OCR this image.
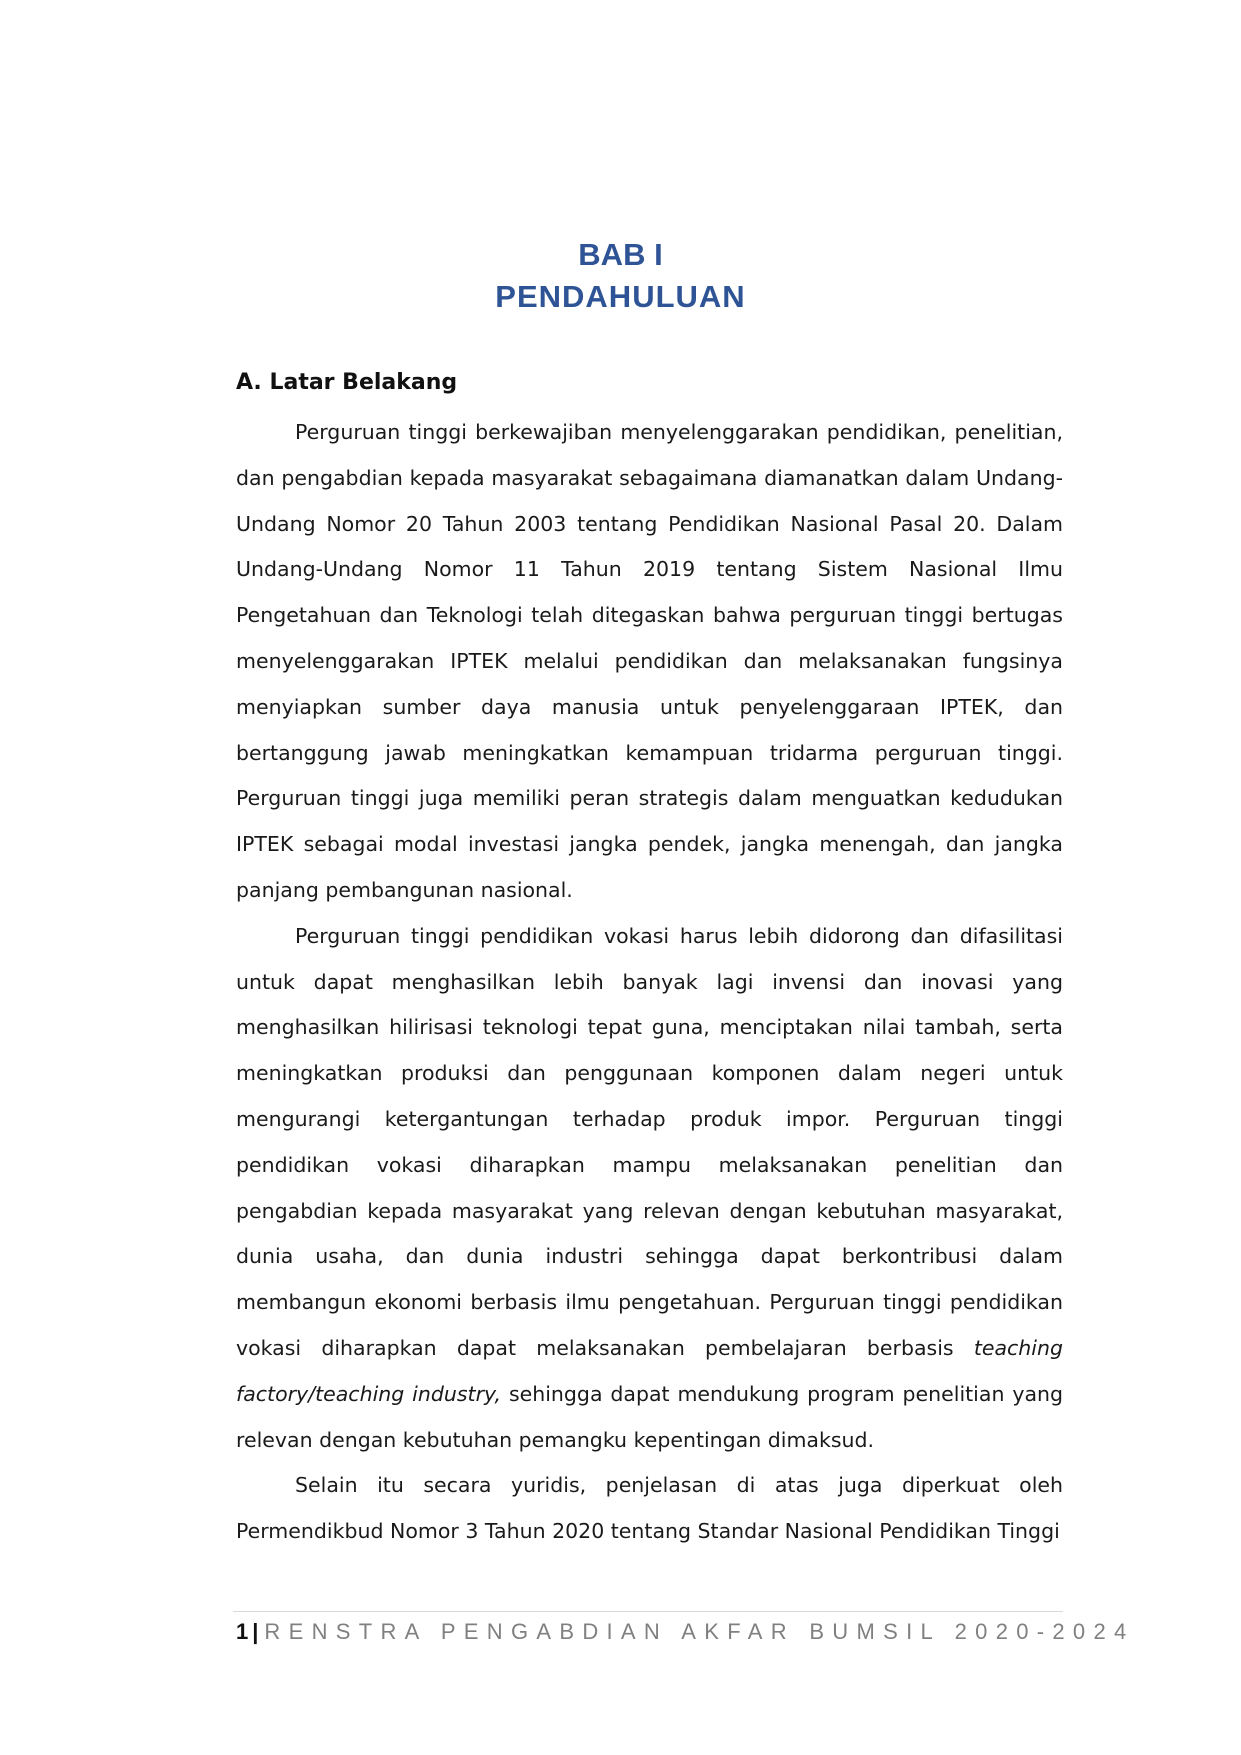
BAB I
PENDAHULUAN
A. Latar Belakang

Perguruan tinggi berkewajiban menyelenggarakan pendidikan, penelitian, dan pengabdian kepada masyarakat sebagaimana diamanatkan dalam Undang-Undang Nomor 20 Tahun 2003 tentang Pendidikan Nasional Pasal 20. Dalam Undang-Undang Nomor 11 Tahun 2019 tentang Sistem Nasional Ilmu Pengetahuan dan Teknologi telah ditegaskan bahwa perguruan tinggi bertugas menyelenggarakan IPTEK melalui pendidikan dan melaksanakan fungsinya menyiapkan sumber daya manusia untuk penyelenggaraan IPTEK, dan bertanggung jawab meningkatkan kemampuan tridarma perguruan tinggi. Perguruan tinggi juga memiliki peran strategis dalam menguatkan kedudukan IPTEK sebagai modal investasi jangka pendek, jangka menengah, dan jangka panjang pembangunan nasional.

Perguruan tinggi pendidikan vokasi harus lebih didorong dan difasilitasi untuk dapat menghasilkan lebih banyak lagi invensi dan inovasi yang menghasilkan hilirisasi teknologi tepat guna, menciptakan nilai tambah, serta meningkatkan produksi dan penggunaan komponen dalam negeri untuk mengurangi ketergantungan terhadap produk impor. Perguruan tinggi pendidikan vokasi diharapkan mampu melaksanakan penelitian dan pengabdian kepada masyarakat yang relevan dengan kebutuhan masyarakat, dunia usaha, dan dunia industri sehingga dapat berkontribusi dalam membangun ekonomi berbasis ilmu pengetahuan. Perguruan tinggi pendidikan vokasi diharapkan dapat melaksanakan pembelajaran berbasis teaching factory/teaching industry, sehingga dapat mendukung program penelitian yang relevan dengan kebutuhan pemangku kepentingan dimaksud.

Selain itu secara yuridis, penjelasan di atas juga diperkuat oleh Permendikbud Nomor 3 Tahun 2020 tentang Standar Nasional Pendidikan Tinggi

1 | RENSTRA PENGABDIAN AKFAR BUMSIL 2020-2024
